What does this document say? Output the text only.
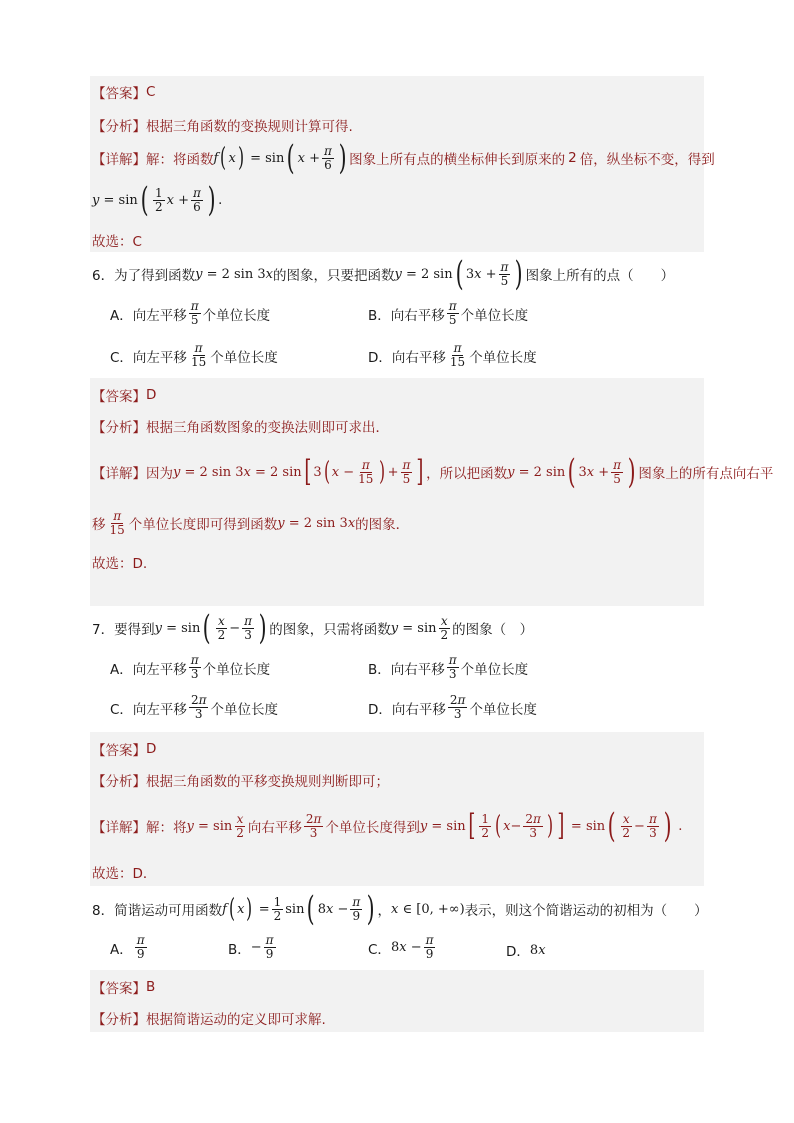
【答案】 C
【分析】 根据三角函数的变换规则计算可得.
【详解】 解：将函数 f ( x ) = sin ( $x + \frac{\pi}{6}$ ) 图象上所有点的横坐标伸长到原来的 2 倍，纵坐标不变，得到
y = sin ( $\frac{1}{2}$ $x + \frac{\pi}{6}$ ) .
故选：C
6．为了得到函数 y = 2 sin 3 x 的图象，只要把函数 y = 2 sin ( 3 $x + \frac{\pi}{5}$ ) 图象上所有的点（　　）
A．向左平移 $\frac{\pi}{5}$ 个单位长度	B．向右平移 $\frac{\pi}{5}$ 个单位长度
C．向左平移 $\frac{\pi}{15}$ 个单位长度	D．向右平移 $\frac{\pi}{15}$ 个单位长度
【答案】 D
【分析】 根据三角函数图象的变换法则即可求出．
【详解】 因为 y = 2 sin 3 x = 2 sin [ 3 ( $x - \frac{\pi}{15}$ ) + $\frac{\pi}{5}$ ] ，所以把函数 y = 2 sin ( 3 $x + \frac{\pi}{5}$ ) 图象上的所有点向右平
移 $\frac{\pi}{15}$ 个单位长度即可得到函数 y = 2 sin 3 x 的图象．
故选：D.
7．要得到 y = sin ( $\frac{x}{2} - \frac{\pi}{3}$ ) 的图象，只需将函数 $y = \sin \frac{x}{2}$ 的图象（　）
A．向左平移 $\frac{\pi}{3}$ 个单位长度	B．向右平移 $\frac{\pi}{3}$ 个单位长度
C．向左平移 $\frac{2\pi}{3}$ 个单位长度	D．向右平移 $\frac{2\pi}{3}$ 个单位长度
【答案】 D
【分析】 根据三角函数的平移变换规则判断即可；
【详解】 解：将 $y = \sin \frac{x}{2}$ 向右平移 $\frac{2\pi}{3}$ 个单位长度得到 y = sin [ $\frac{1}{2}$ ( $x - \frac{2\pi}{3}$ ) ] = sin ( $\frac{x}{2} - \frac{\pi}{3}$ ) .
故选：D．
8．简谐运动可用函数 f ( x ) = $\frac{1}{2}$ sin ( 8 $x - \frac{\pi}{9}$ ) ， x ∈ [0, +∞) 表示，则这个简谐运动的初相为（　　）
A． $\frac{\pi}{9}$	B． − $\frac{\pi}{9}$	C． 8 $x - \frac{\pi}{9}$	D． 8 x
【答案】 B
【分析】 根据简谐运动的定义即可求解.
